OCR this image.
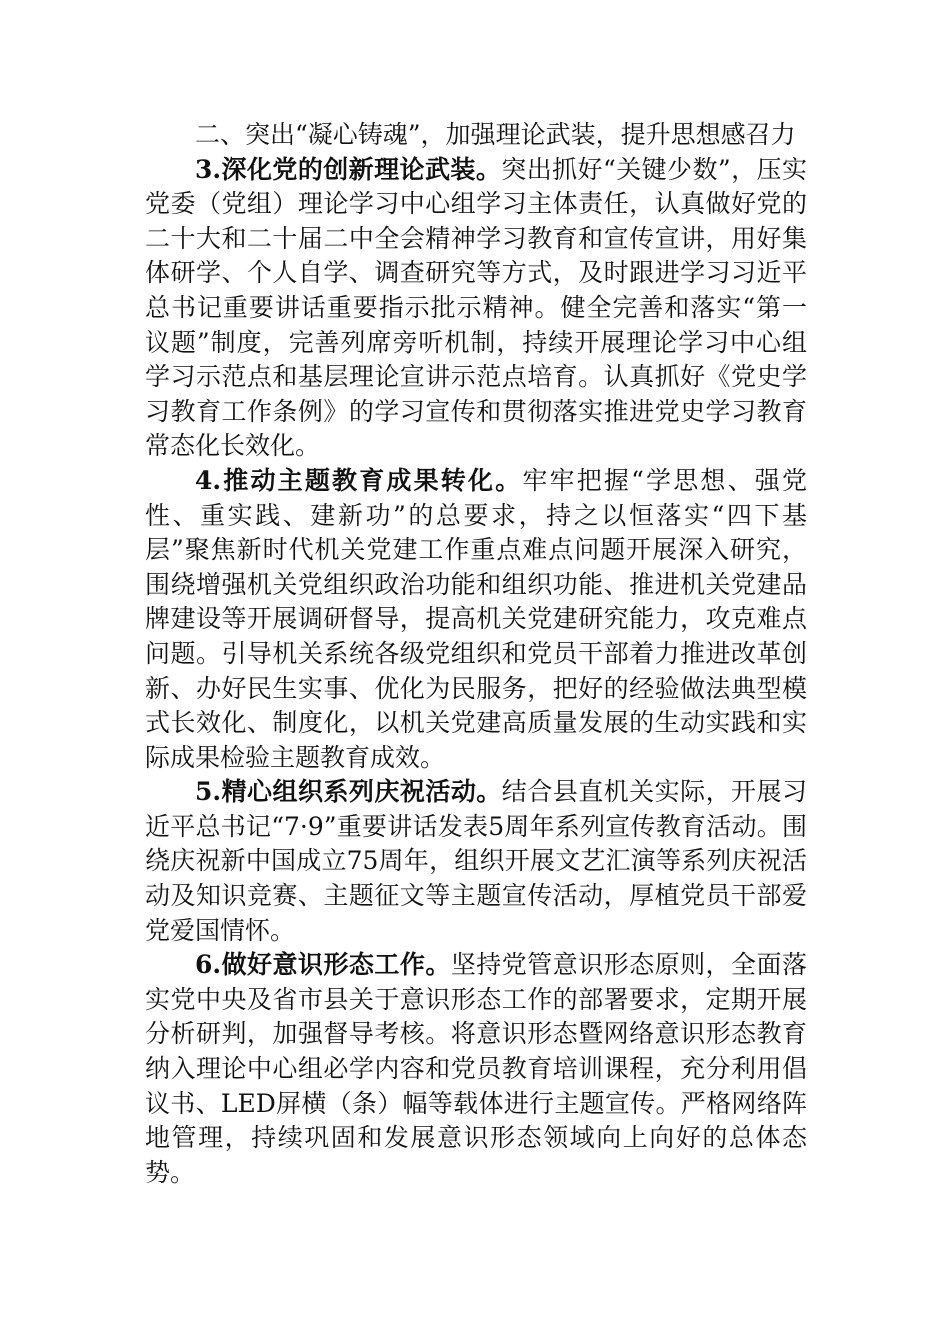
二、突出“凝心铸魂”，加强理论武装，提升思想感召力

3.深化党的创新理论武装。突出抓好“关键少数”，压实党委（党组）理论学习中心组学习主体责任，认真做好党的二十大和二十届二中全会精神学习教育和宣传宣讲，用好集体研学、个人自学、调查研究等方式，及时跟进学习习近平总书记重要讲话重要指示批示精神。健全完善和落实“第一议题”制度，完善列席旁听机制，持续开展理论学习中心组学习示范点和基层理论宣讲示范点培育。认真抓好《党史学习教育工作条例》的学习宣传和贯彻落实推进党史学习教育常态化长效化。

4.推动主题教育成果转化。牢牢把握“学思想、强党性、重实践、建新功”的总要求，持之以恒落实“四下基层”聚焦新时代机关党建工作重点难点问题开展深入研究，围绕增强机关党组织政治功能和组织功能、推进机关党建品牌建设等开展调研督导，提高机关党建研究能力，攻克难点问题。引导机关系统各级党组织和党员干部着力推进改革创新、办好民生实事、优化为民服务，把好的经验做法典型模式长效化、制度化，以机关党建高质量发展的生动实践和实际成果检验主题教育成效。

5.精心组织系列庆祝活动。结合县直机关实际，开展习近平总书记“7·9”重要讲话发表5周年系列宣传教育活动。围绕庆祝新中国成立75周年，组织开展文艺汇演等系列庆祝活动及知识竞赛、主题征文等主题宣传活动，厚植党员干部爱党爱国情怀。

6.做好意识形态工作。坚持党管意识形态原则，全面落实党中央及省市县关于意识形态工作的部署要求，定期开展分析研判，加强督导考核。将意识形态暨网络意识形态教育纳入理论中心组必学内容和党员教育培训课程，充分利用倡议书、LED屏横（条）幅等载体进行主题宣传。严格网络阵地管理，持续巩固和发展意识形态领域向上向好的总体态势。
